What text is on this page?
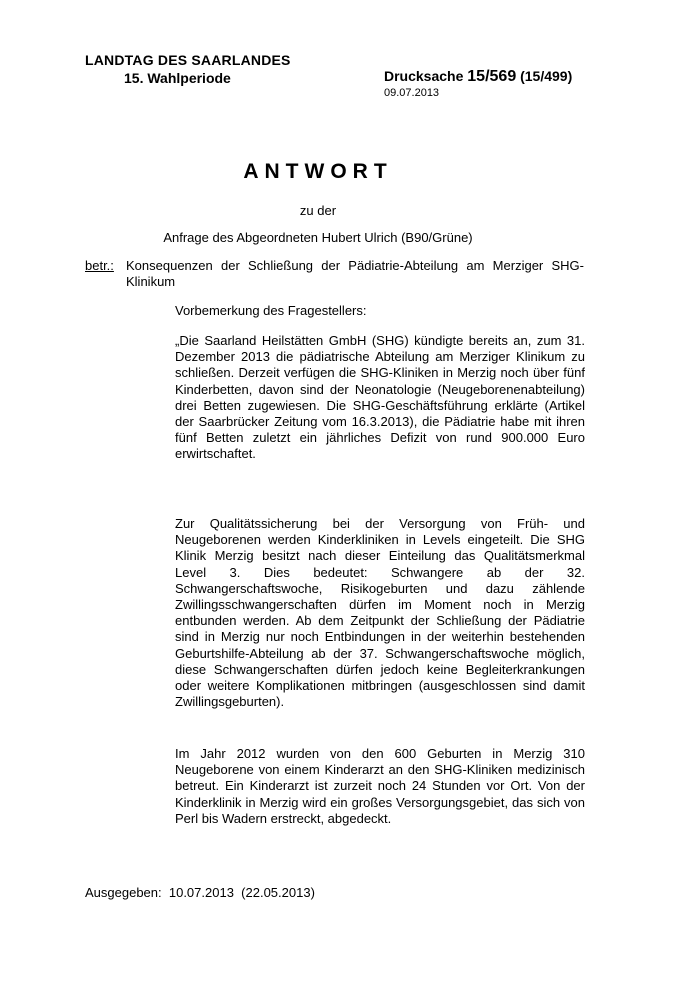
LANDTAG DES SAARLANDES
15. Wahlperiode	Drucksache 15/569 (15/499)
09.07.2013
ANTWORT
zu der
Anfrage des Abgeordneten Hubert Ulrich (B90/Grüne)
betr.: Konsequenzen der Schließung der Pädiatrie-Abteilung am Merziger SHG-Klinikum
Vorbemerkung des Fragestellers:
„Die Saarland Heilstätten GmbH (SHG) kündigte bereits an, zum 31. Dezember 2013 die pädiatrische Abteilung am Merziger Klinikum zu schließen. Derzeit verfügen die SHG-Kliniken in Merzig noch über fünf Kinderbetten, davon sind der Neonatologie (Neugeborenenabteilung) drei Betten zugewiesen. Die SHG-Geschäftsführung erklärte (Artikel der Saarbrücker Zeitung vom 16.3.2013), die Pädiatrie habe mit ihren fünf Betten zuletzt ein jährliches Defizit von rund 900.000 Euro erwirtschaftet.
Zur Qualitätssicherung bei der Versorgung von Früh- und Neugeborenen werden Kinderkliniken in Levels eingeteilt. Die SHG Klinik Merzig besitzt nach dieser Einteilung das Qualitätsmerkmal Level 3. Dies bedeutet: Schwangere ab der 32. Schwangerschaftswoche, Risikogeburten und dazu zählende Zwillingsschwangerschaften dürfen im Moment noch in Merzig entbunden werden. Ab dem Zeitpunkt der Schließung der Pädiatrie sind in Merzig nur noch Entbindungen in der weiterhin bestehenden Geburtshilfe-Abteilung ab der 37. Schwangerschaftswoche möglich, diese Schwangerschaften dürfen jedoch keine Begleiterkrankungen oder weitere Komplikationen mitbringen (ausgeschlossen sind damit Zwillingsgeburten).
Im Jahr 2012 wurden von den 600 Geburten in Merzig 310 Neugeborene von einem Kinderarzt an den SHG-Kliniken medizinisch betreut. Ein Kinderarzt ist zurzeit noch 24 Stunden vor Ort. Von der Kinderklinik in Merzig wird ein großes Versorgungsgebiet, das sich von Perl bis Wadern erstreckt, abgedeckt.
Ausgegeben: 10.07.2013 (22.05.2013)
